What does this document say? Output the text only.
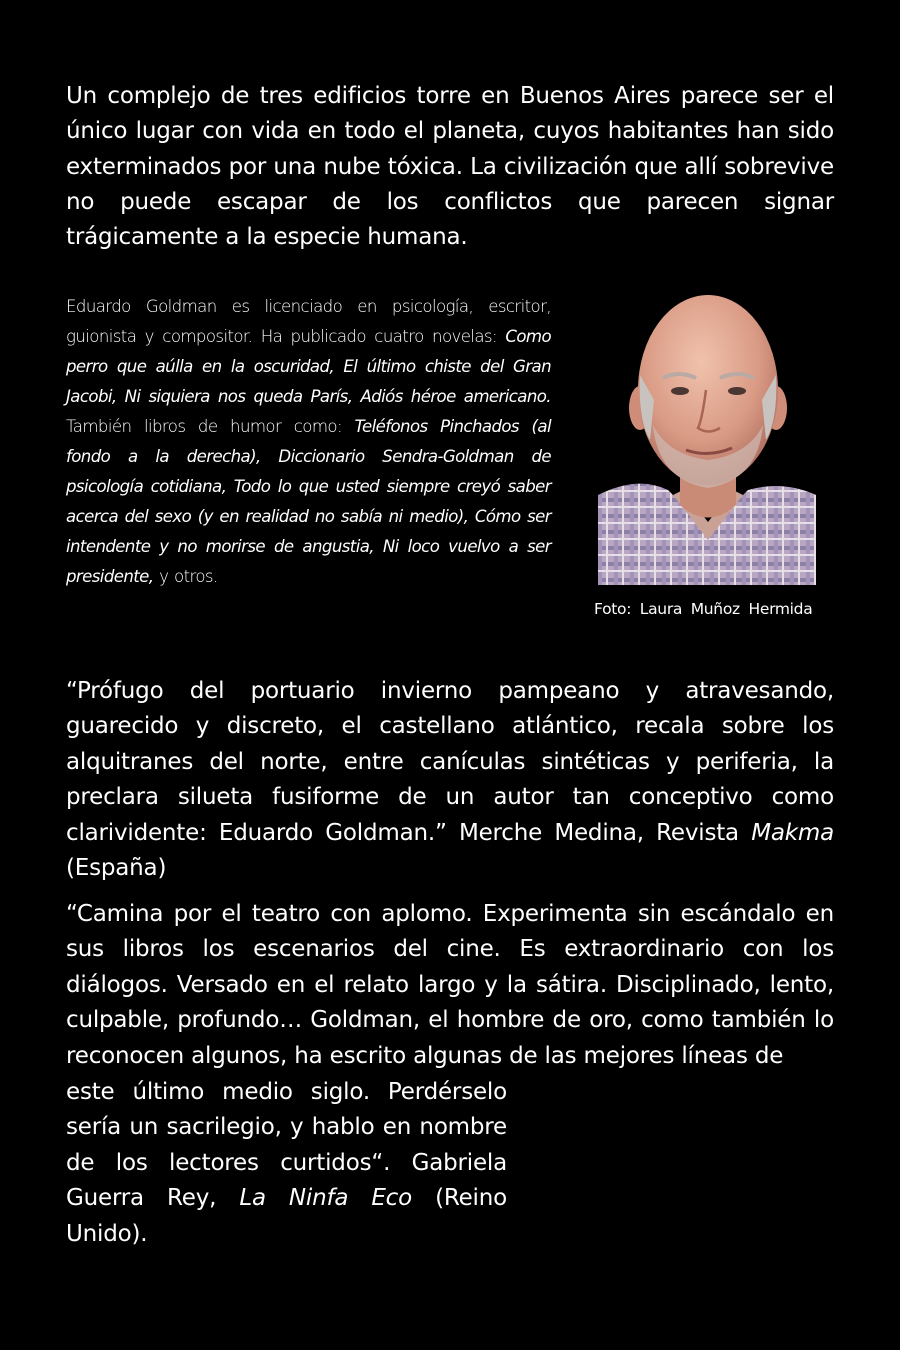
Un complejo de tres edificios torre en Buenos Aires parece ser el único lugar con vida en todo el planeta, cuyos habitantes han sido exterminados por una nube tóxica. La civilización que allí sobrevive no puede escapar de los conflictos que parecen signar trágicamente a la especie humana.

Eduardo Goldman es licenciado en psicología, escritor, guionista y compositor. Ha publicado cuatro novelas: Como perro que aúlla en la oscuridad, El último chiste del Gran Jacobi, Ni siquiera nos queda París, Adiós héroe americano. También libros de humor como: Teléfonos Pinchados (al fondo a la derecha), Diccionario Sendra-Goldman de psicología cotidiana, Todo lo que usted siempre creyó saber acerca del sexo (y en realidad no sabía ni medio), Cómo ser intendente y no morirse de angustia, Ni loco vuelvo a ser presidente, y otros.

Foto: Laura Muñoz Hermida

“Prófugo del portuario invierno pampeano y atravesando, guarecido y discreto, el castellano atlántico, recala sobre los alquitranes del norte, entre canículas sintéticas y periferia, la preclara silueta fusiforme de un autor tan conceptivo como clarividente: Eduardo Goldman.” Merche Medina, Revista Makma (España)

“Camina por el teatro con aplomo. Experimenta sin escándalo en sus libros los escenarios del cine. Es extraordinario con los diálogos. Versado en el relato largo y la sátira. Disciplinado, lento, culpable, profundo… Goldman, el hombre de oro, como también lo reconocen algunos, ha escrito algunas de las mejores líneas de

este último medio siglo. Perdérselo sería un sacrilegio, y hablo en nombre de los lectores curtidos“. Gabriela Guerra Rey, La Ninfa Eco (Reino Unido).
